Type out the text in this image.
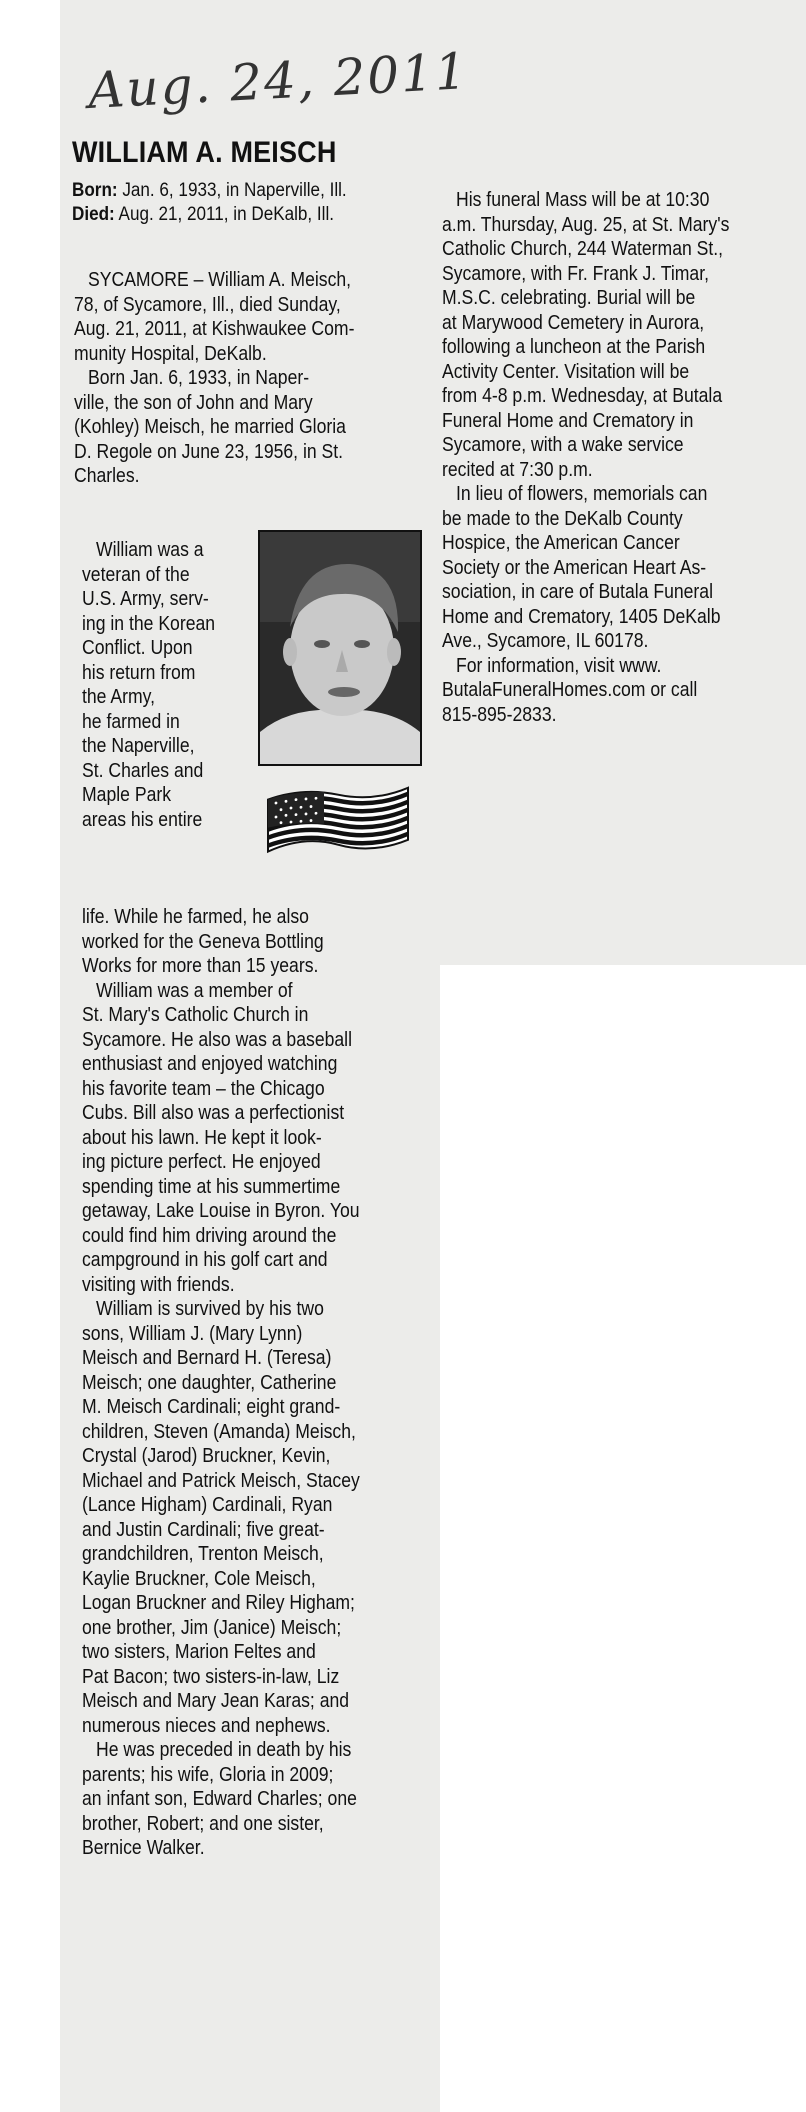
Aug. 24, 2011
WILLIAM A. MEISCH
Born: Jan. 6, 1933, in Naperville, Ill.
Died: Aug. 21, 2011, in DeKalb, Ill.

SYCAMORE – William A. Meisch,

78, of Sycamore, Ill., died Sunday,

Aug. 21, 2011, at Kishwaukee Com-

munity Hospital, DeKalb.

Born Jan. 6, 1933, in Naper-

ville, the son of John and Mary

(Kohley) Meisch, he married Gloria

D. Regole on June 23, 1956, in St.

Charles.

William was a

veteran of the

U.S. Army, serv-

ing in the Korean

Conflict. Upon

his return from

the Army,

he farmed in

the Naperville,

St. Charles and

Maple Park

areas his entire

life. While he farmed, he also

worked for the Geneva Bottling

Works for more than 15 years.

William was a member of

St. Mary's Catholic Church in

Sycamore. He also was a baseball

enthusiast and enjoyed watching

his favorite team – the Chicago

Cubs. Bill also was a perfectionist

about his lawn. He kept it look-

ing picture perfect. He enjoyed

spending time at his summertime

getaway, Lake Louise in Byron. You

could find him driving around the

campground in his golf cart and

visiting with friends.

William is survived by his two

sons, William J. (Mary Lynn)

Meisch and Bernard H. (Teresa)

Meisch; one daughter, Catherine

M. Meisch Cardinali; eight grand-

children, Steven (Amanda) Meisch,

Crystal (Jarod) Bruckner, Kevin,

Michael and Patrick Meisch, Stacey

(Lance Higham) Cardinali, Ryan

and Justin Cardinali; five great-

grandchildren, Trenton Meisch,

Kaylie Bruckner, Cole Meisch,

Logan Bruckner and Riley Higham;

one brother, Jim (Janice) Meisch;

two sisters, Marion Feltes and

Pat Bacon; two sisters-in-law, Liz

Meisch and Mary Jean Karas; and

numerous nieces and nephews.

He was preceded in death by his

parents; his wife, Gloria in 2009;

an infant son, Edward Charles; one

brother, Robert; and one sister,

Bernice Walker.

His funeral Mass will be at 10:30

a.m. Thursday, Aug. 25, at St. Mary's

Catholic Church, 244 Waterman St.,

Sycamore, with Fr. Frank J. Timar,

M.S.C. celebrating. Burial will be

at Marywood Cemetery in Aurora,

following a luncheon at the Parish

Activity Center. Visitation will be

from 4-8 p.m. Wednesday, at Butala

Funeral Home and Crematory in

Sycamore, with a wake service

recited at 7:30 p.m.

In lieu of flowers, memorials can

be made to the DeKalb County

Hospice, the American Cancer

Society or the American Heart As-

sociation, in care of Butala Funeral

Home and Crematory, 1405 DeKalb

Ave., Sycamore, IL 60178.

For information, visit www.

ButalaFuneralHomes.com or call

815-895-2833.
